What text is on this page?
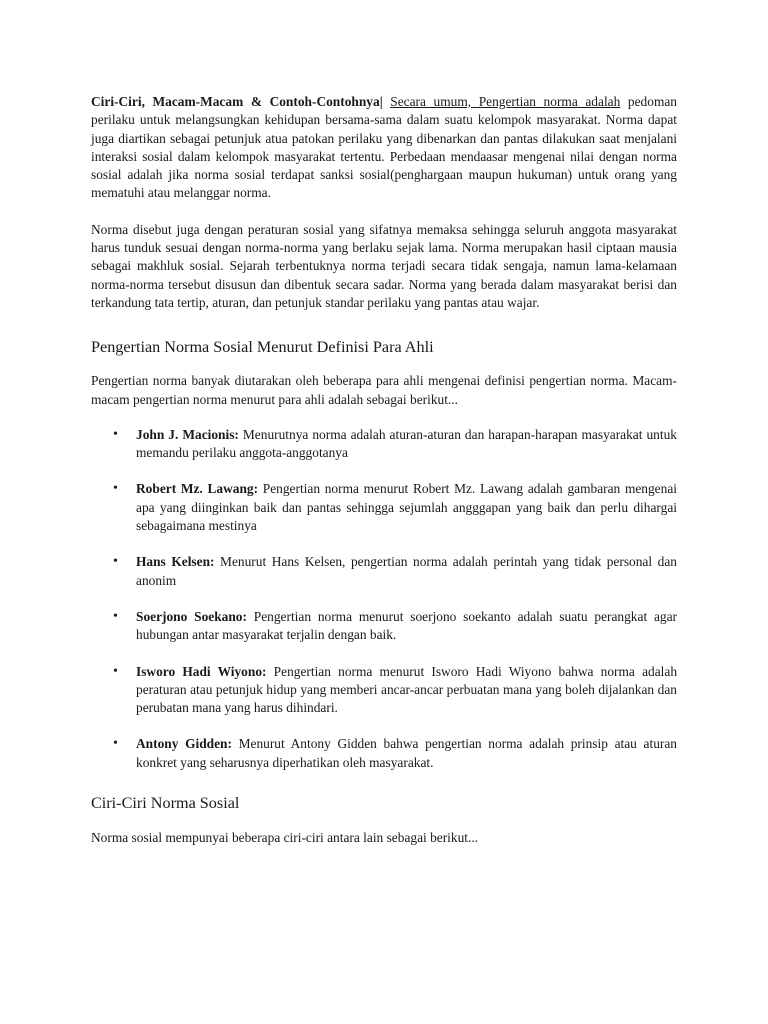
Ciri-Ciri, Macam-Macam & Contoh-Contohnya| Secara umum, Pengertian norma adalah pedoman perilaku untuk melangsungkan kehidupan bersama-sama dalam suatu kelompok masyarakat. Norma dapat juga diartikan sebagai petunjuk atua patokan perilaku yang dibenarkan dan pantas dilakukan saat menjalani interaksi sosial dalam kelompok masyarakat tertentu. Perbedaan mendaasar mengenai nilai dengan norma sosial adalah jika norma sosial terdapat sanksi sosial(penghargaan maupun hukuman) untuk orang yang mematuhi atau melanggar norma.

Norma disebut juga dengan peraturan sosial yang sifatnya memaksa sehingga seluruh anggota masyarakat harus tunduk sesuai dengan norma-norma yang berlaku sejak lama. Norma merupakan hasil ciptaan mausia sebagai makhluk sosial. Sejarah terbentuknya norma terjadi secara tidak sengaja, namun lama-kelamaan norma-norma tersebut disusun dan dibentuk secara sadar. Norma yang berada dalam masyarakat berisi dan terkandung tata tertip, aturan, dan petunjuk standar perilaku yang pantas atau wajar.

Pengertian Norma Sosial Menurut Definisi Para Ahli

Pengertian norma banyak diutarakan oleh beberapa para ahli mengenai definisi pengertian norma. Macam-macam pengertian norma menurut para ahli adalah sebagai berikut...

• John J. Macionis: Menurutnya norma adalah aturan-aturan dan harapan-harapan masyarakat untuk memandu perilaku anggota-anggotanya
• Robert Mz. Lawang: Pengertian norma menurut Robert Mz. Lawang adalah gambaran mengenai apa yang diinginkan baik dan pantas sehingga sejumlah angggapan yang baik dan perlu dihargai sebagaimana mestinya
• Hans Kelsen: Menurut Hans Kelsen, pengertian norma adalah perintah yang tidak personal dan anonim
• Soerjono Soekano: Pengertian norma menurut soerjono soekanto adalah suatu perangkat agar hubungan antar masyarakat terjalin dengan baik.
• Isworo Hadi Wiyono: Pengertian norma menurut Isworo Hadi Wiyono bahwa norma adalah peraturan atau petunjuk hidup yang memberi ancar-ancar perbuatan mana yang boleh dijalankan dan perubatan mana yang harus dihindari.
• Antony Gidden: Menurut Antony Gidden bahwa pengertian norma adalah prinsip atau aturan konkret yang seharusnya diperhatikan oleh masyarakat.
Ciri-Ciri Norma Sosial

Norma sosial mempunyai beberapa ciri-ciri antara lain sebagai berikut...
